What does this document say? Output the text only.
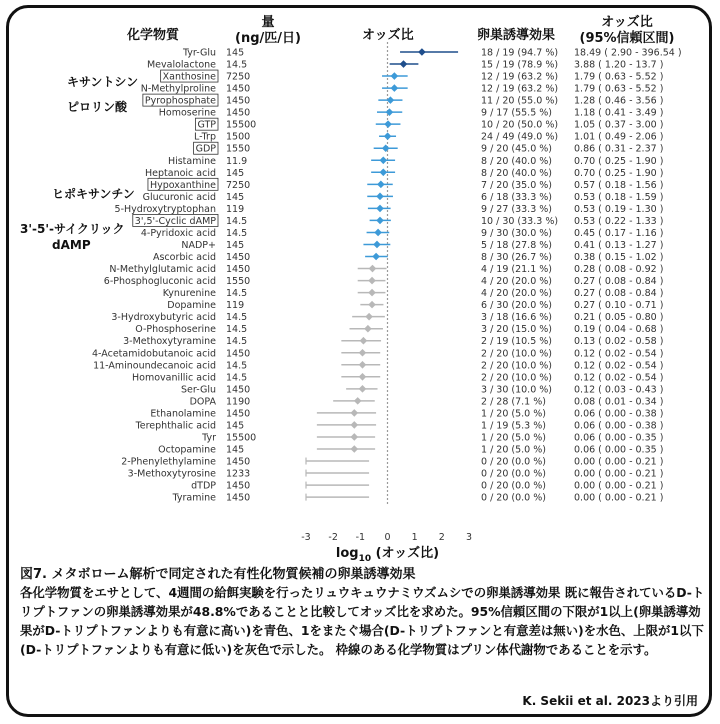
化学物質
量
(ng/匹/日)	オッズ比	卵巣誘導効果
オッズ比
(95%信頼区間)
キサントシン
ピロリン酸
ヒポキサンチン
3'-5'-サイクリック
dAMP
Tyr-Glu 145	18 / 19 (94.7 %) 18.49 ( 2.90 - 396.54 )
Mevalolactone 14.5	15 / 19 (78.9 %) 3.88 ( 1.20 - 13.7 )
Xanthosine 7250	12 / 19 (63.2 %) 1.79 ( 0.63 - 5.52 )
N-Methylproline 1450	12 / 19 (63.2 %) 1.79 ( 0.63 - 5.52 )
Pyrophosphate 1450	11 / 20 (55.0 %) 1.28 ( 0.46 - 3.56 )
Homoserine 1450	9 / 17 (55.5 %) 1.18 ( 0.41 - 3.49 )
GTP 15500	10 / 20 (50.0 %) 1.05 ( 0.37 - 3.00 )
L-Trp 1500	24 / 49 (49.0 %) 1.01 ( 0.49 - 2.06 )
GDP 1550	9 / 20 (45.0 %) 0.86 ( 0.31 - 2.37 )
Histamine 11.9	8 / 20 (40.0 %) 0.70 ( 0.25 - 1.90 )
Heptanoic acid 145	8 / 20 (40.0 %) 0.70 ( 0.25 - 1.90 )
Hypoxanthine 7250	7 / 20 (35.0 %) 0.57 ( 0.18 - 1.56 )
Glucuronic acid 145	6 / 18 (33.3 %) 0.53 ( 0.18 - 1.59 )
5-Hydroxytryptophan 119	9 / 27 (33.3 %) 0.53 ( 0.19 - 1.30 )
3',5'-Cyclic dAMP 14.5	10 / 30 (33.3 %) 0.53 ( 0.22 - 1.33 )
4-Pyridoxic acid 14.5	9 / 30 (30.0 %) 0.45 ( 0.17 - 1.16 )
NADP+ 145	5 / 18 (27.8 %) 0.41 ( 0.13 - 1.27 )
Ascorbic acid 1450	8 / 30 (26.7 %) 0.38 ( 0.15 - 1.02 )
N-Methylglutamic acid 1450	4 / 19 (21.1 %) 0.28 ( 0.08 - 0.92 )
6-Phosphogluconic acid 1550	4 / 20 (20.0 %) 0.27 ( 0.08 - 0.84 )
Kynurenine 14.5	4 / 20 (20.0 %) 0.27 ( 0.08 - 0.84 )
Dopamine 119	6 / 30 (20.0 %) 0.27 ( 0.10 - 0.71 )
3-Hydroxybutyric acid 14.5	3 / 18 (16.6 %) 0.21 ( 0.05 - 0.80 )
O-Phosphoserine 14.5	3 / 20 (15.0 %) 0.19 ( 0.04 - 0.68 )
3-Methoxytyramine 14.5	2 / 19 (10.5 %) 0.13 ( 0.02 - 0.58 )
4-Acetamidobutanoic acid 1450	2 / 20 (10.0 %) 0.12 ( 0.02 - 0.54 )
11-Aminoundecanoic acid 14.5	2 / 20 (10.0 %) 0.12 ( 0.02 - 0.54 )
Homovanillic acid 14.5	2 / 20 (10.0 %) 0.12 ( 0.02 - 0.54 )
Ser-Glu 1450	3 / 30 (10.0 %) 0.12 ( 0.03 - 0.43 )
DOPA 1190	2 / 28 (7.1 %)	0.08 ( 0.01 - 0.34 )
Ethanolamine 1450	1 / 20 (5.0 %)	0.06 ( 0.00 - 0.38 )
Terephthalic acid 145	1 / 19 (5.3 %)	0.06 ( 0.00 - 0.38 )
Tyr 15500	1 / 20 (5.0 %)	0.06 ( 0.00 - 0.35 )
Octopamine 145	1 / 20 (5.0 %)	0.06 ( 0.00 - 0.35 )
2-Phenylethylamine 1450	0 / 20 (0.0 %)	0.00 ( 0.00 - 0.21 )
3-Methoxytyrosine 1233	0 / 20 (0.0 %)	0.00 ( 0.00 - 0.21 )
dTDP 1450	0 / 20 (0.0 %)	0.00 ( 0.00 - 0.21 )
Tyramine 1450	0 / 20 (0.0 %)	0.00 ( 0.00 - 0.21 )
-3 -2 -1 0 1 2 3
$\log_{10}$ (オッズ比)
図7. メタボローム解析で同定された有性化物質候補の卵巣誘導効果
各化学物質をエサとして、4週間の給餌実験を行ったリュウキュウナミウズムシでの卵巣誘導効果 既に報告されているD-トリプトファンの卵巣誘導効果が48.8%であることと比較してオッズ比を求めた。95%信頼区間の下限が1以上(卵巣誘導効果がD-トリプトファンよりも有意に高い)を青色、1をまたぐ場合(D-トリプトファンと有意差は無い)を水色、上限が1以下(D-トリプトファンよりも有意に低い)を灰色で示した。 枠線のある化学物質はプリン体代謝物であることを示す。
K. Sekii et al. 2023より引用
